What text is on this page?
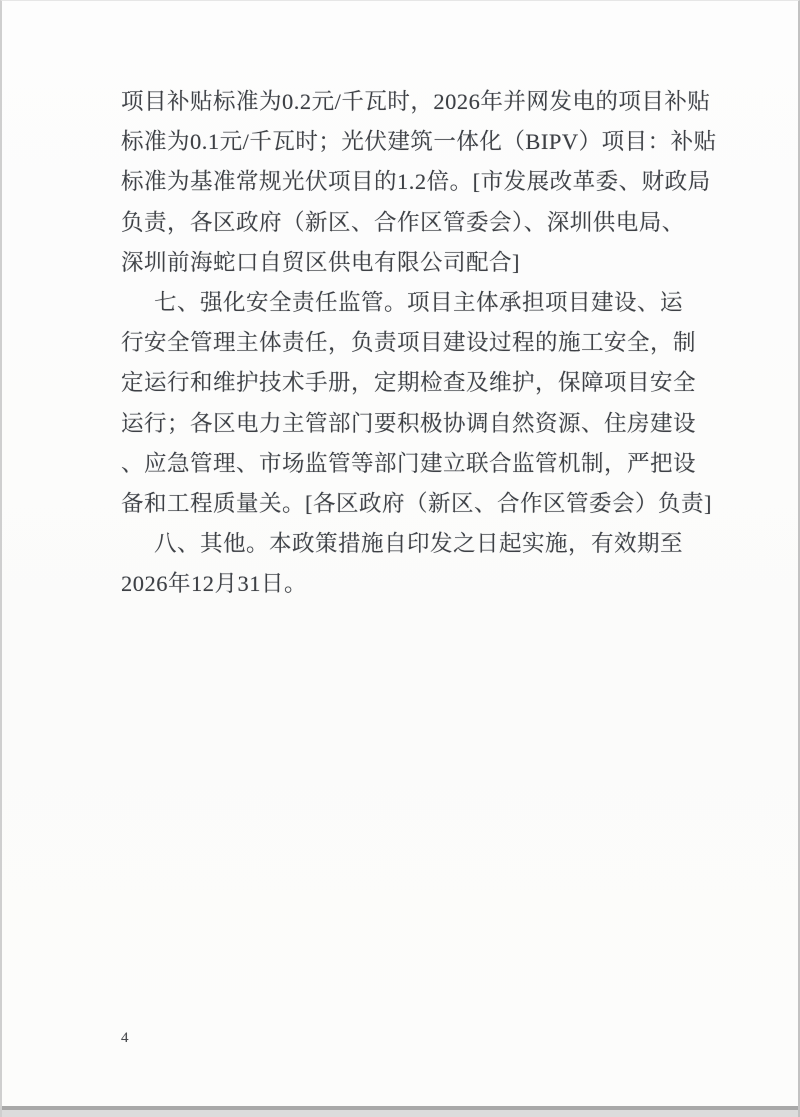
项目补贴标准为0.2元/千瓦时，2026年并网发电的项目补贴
标准为0.1元/千瓦时；光伏建筑一体化（BIPV）项目：补贴
标准为基准常规光伏项目的1.2倍。[市发展改革委、财政局
负责，各区政府（新区、合作区管委会）、深圳供电局、
深圳前海蛇口自贸区供电有限公司配合]
七、强化安全责任监管。项目主体承担项目建设、运
行安全管理主体责任，负责项目建设过程的施工安全，制
定运行和维护技术手册，定期检查及维护，保障项目安全
运行；各区电力主管部门要积极协调自然资源、住房建设
、应急管理、市场监管等部门建立联合监管机制，严把设
备和工程质量关。[各区政府（新区、合作区管委会）负责]
八、其他。本政策措施自印发之日起实施，有效期至
2026年12月31日。
4
